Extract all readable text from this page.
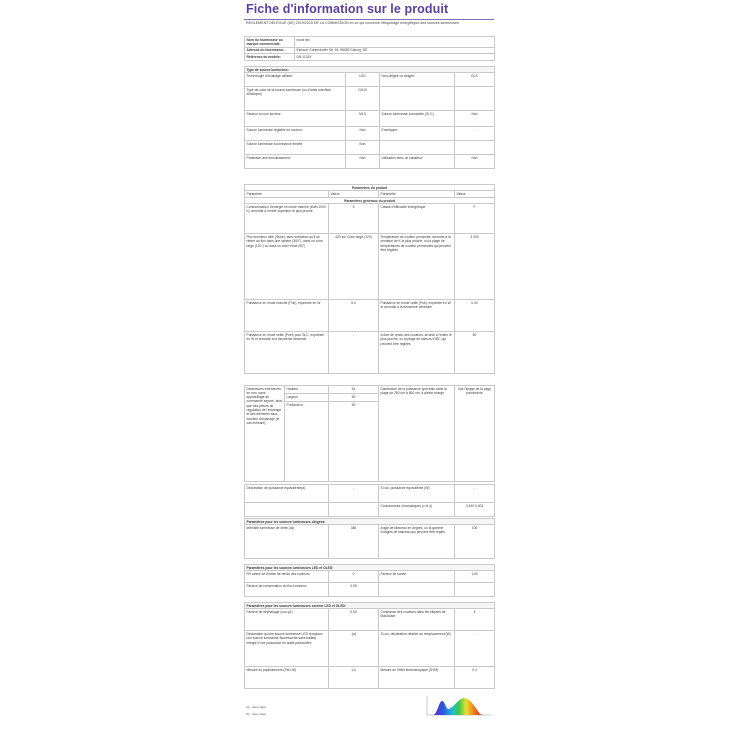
Fiche d'information sur le produit
RÈGLEMENT DÉLÉGUÉ (UE) 2019/2015 DE LA COMMISSION en ce qui concerne l'étiquetage énergétique des sources lumineuses
Nom du fournisseur ou marque commerciale:	noxxi led
Adresse du fournisseur:	Einkauf, Cortendorfer Str. 94, 96450 Coburg, DE
Référence du modèle:	DN-11319
Type de source lumineuse:			
Technologie d'éclairage utilisée:	LED	Non-dirigée ou dirigée:	DLS
Type de culot de la source lumineuse (ou d'autre interface électrique)	GU10		
Secteur ou non secteur:	MLS	Source lumineuse connectée (SLC):	Non
Source lumineuse réglable en couleur:	Non	Enveloppe:	-
Source lumineuse à luminance élevée:	Non		
Protection anti éblouissement:	Non	Utilisation avec un variateur:	Non
Paramètres du produit			
Paramètre	Valeur	Paramètre	Valeur
Paramètres généraux du produit			
Consommation d'énergie en mode marche (kWh/1000 h), arrondie à l'entier supérieur le plus proche	5	Classe d'efficacité énergétique	F
Flux lumineux utile (Φuse), avec indication qu'il se réfère au flux dans une sphère (360°), dans un cône large (120°) ou dans un cône étroit (90°)	420 sur Cône large (120)	Température de couleur proximale, arrondie à la centaine de K la plus proche, ou la plage de températures de couleur proximales qui peuvent être réglées	3 000
Puissance en mode marche (Pon), exprimée en W	5,0	Puissance en mode veille (Psb), exprimée en W et arrondie à la deuxième décimale	0,00
Puissance en mode veille (Pnet) pour SLC, exprimée en W et arrondie à la deuxième décimale	-	Indice de rendu des couleurs, arrondi à l'entier le plus proche, ou la plage de valeurs d'IRC qui peuvent être réglées	80
Dimensions extérieures en mm, sans appareillage de commande séparé, ainsi que des pièces de régulation de l'éclairage et des éléments sans fonction d'éclairage (le cas échéant)	Hauteur	54	Distribution de la puissance spectrale dans la plage de 250 nm à 800 nm, à pleine charge	Voir l'image de la page précédente
	Largeur	50		
	Profondeur	50		
Déclaration de puissance équivalente(a)	-	Si oui, puissance équivalente (W)	-
		Coordonnées chromatiques (x et y)	0,440 0,403
Paramètres pour les sources lumineuses dirigées:
Intensité lumineuse de crête (cd)	380	Angle de faisceau en degrés, ou la gamme d'angles de faisceau qui peuvent être réglés	100
Paramètres pour les sources lumineuses LED et OLED:			
R9 valeur de l'indice de rendu des couleurs	0	Facteur de survie	1,00
Facteur de conservation du flux lumineux	0,95		
Paramètres pour les sources lumineuses secteur LED et OLED:			
Facteur de déphasage (cos φ1)	0,90	Constance des couleurs dans les ellipses de MacAdam	6
Déclaration qu'une source lumineuse LED remplace une source lumineuse fluorescente sans ballast intégré d'une puissance en watts particulière	-(a)	Si oui, déclaration relative au remplacement (W)	-
Mesure du papillotement (Pst LM)	1,0	Mesure de l'effet stroboscopique (SVM)	0,4
(a) : sans objet;
(b) : sans objet;
